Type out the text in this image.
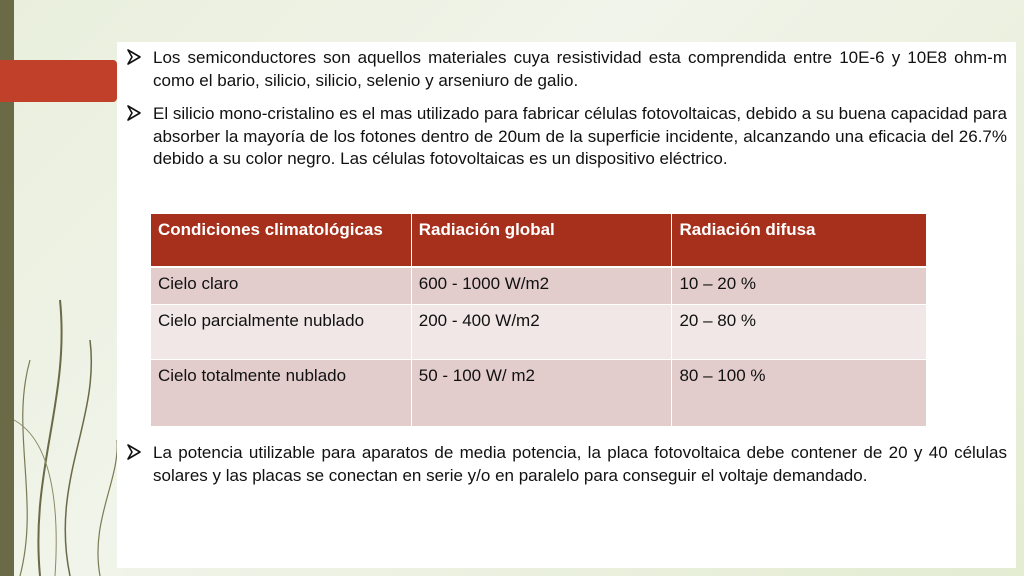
Los semiconductores son aquellos materiales cuya resistividad esta comprendida entre 10E-6 y 10E8 ohm-m como el bario, silicio, silicio, selenio y arseniuro de galio.
El silicio mono-cristalino es el mas utilizado para fabricar células fotovoltaicas, debido a su buena capacidad para absorber la mayoría de los fotones dentro de 20um de la superficie incidente, alcanzando una eficacia del 26.7% debido a su color negro. Las células fotovoltaicas es un dispositivo eléctrico.
Condiciones climatológicas	Radiación global	Radiación difusa
Cielo claro	600 - 1000 W/m2	10 – 20 %
Cielo parcialmente nublado	200 - 400 W/m2	20 – 80 %
Cielo totalmente nublado	50 - 100 W/ m2	80 – 100 %
La potencia utilizable para aparatos de media potencia, la placa fotovoltaica debe contener de 20 y 40 células solares y las placas se conectan en serie y/o en paralelo para conseguir el voltaje demandado.
